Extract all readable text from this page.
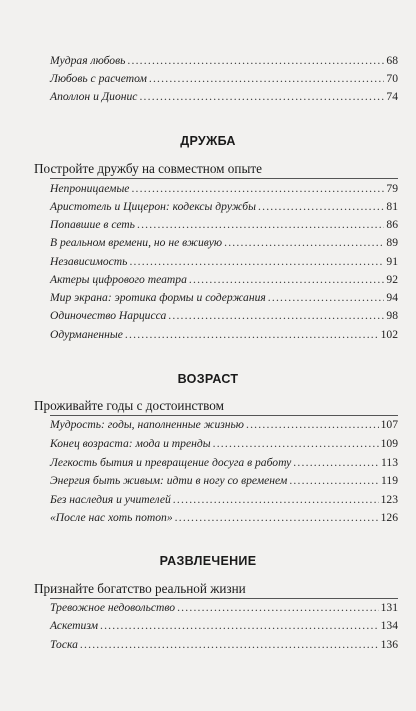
Мудрая любовь .....	68
Любовь с расчетом .....	70
Аполлон и Дионис .....	74
ДРУЖБА
Постройте дружбу на совместном опыте
Непроницаемые .....	79
Аристотель и Цицерон: кодексы дружбы .....	81
Попавшие в сеть .....	86
В реальном времени, но не вживую .....	89
Независимость .....	91
Актеры цифрового театра .....	92
Мир экрана: эротика формы и содержания .....	94
Одиночество Нарцисса .....	98
Одурманенные .....	102
ВОЗРАСТ
Проживайте годы с достоинством
Мудрость: годы, наполненные жизнью .....	107
Конец возраста: мода и тренды .....	109
Легкость бытия и превращение досуга в работу .....	113
Энергия быть живым: идти в ногу со временем .....	119
Без наследия и учителей .....	123
«После нас хоть потоп» .....	126
РАЗВЛЕЧЕНИЕ
Признайте богатство реальной жизни
Тревожное недовольство .....	131
Аскетизм .....	134
Тоска .....	136
